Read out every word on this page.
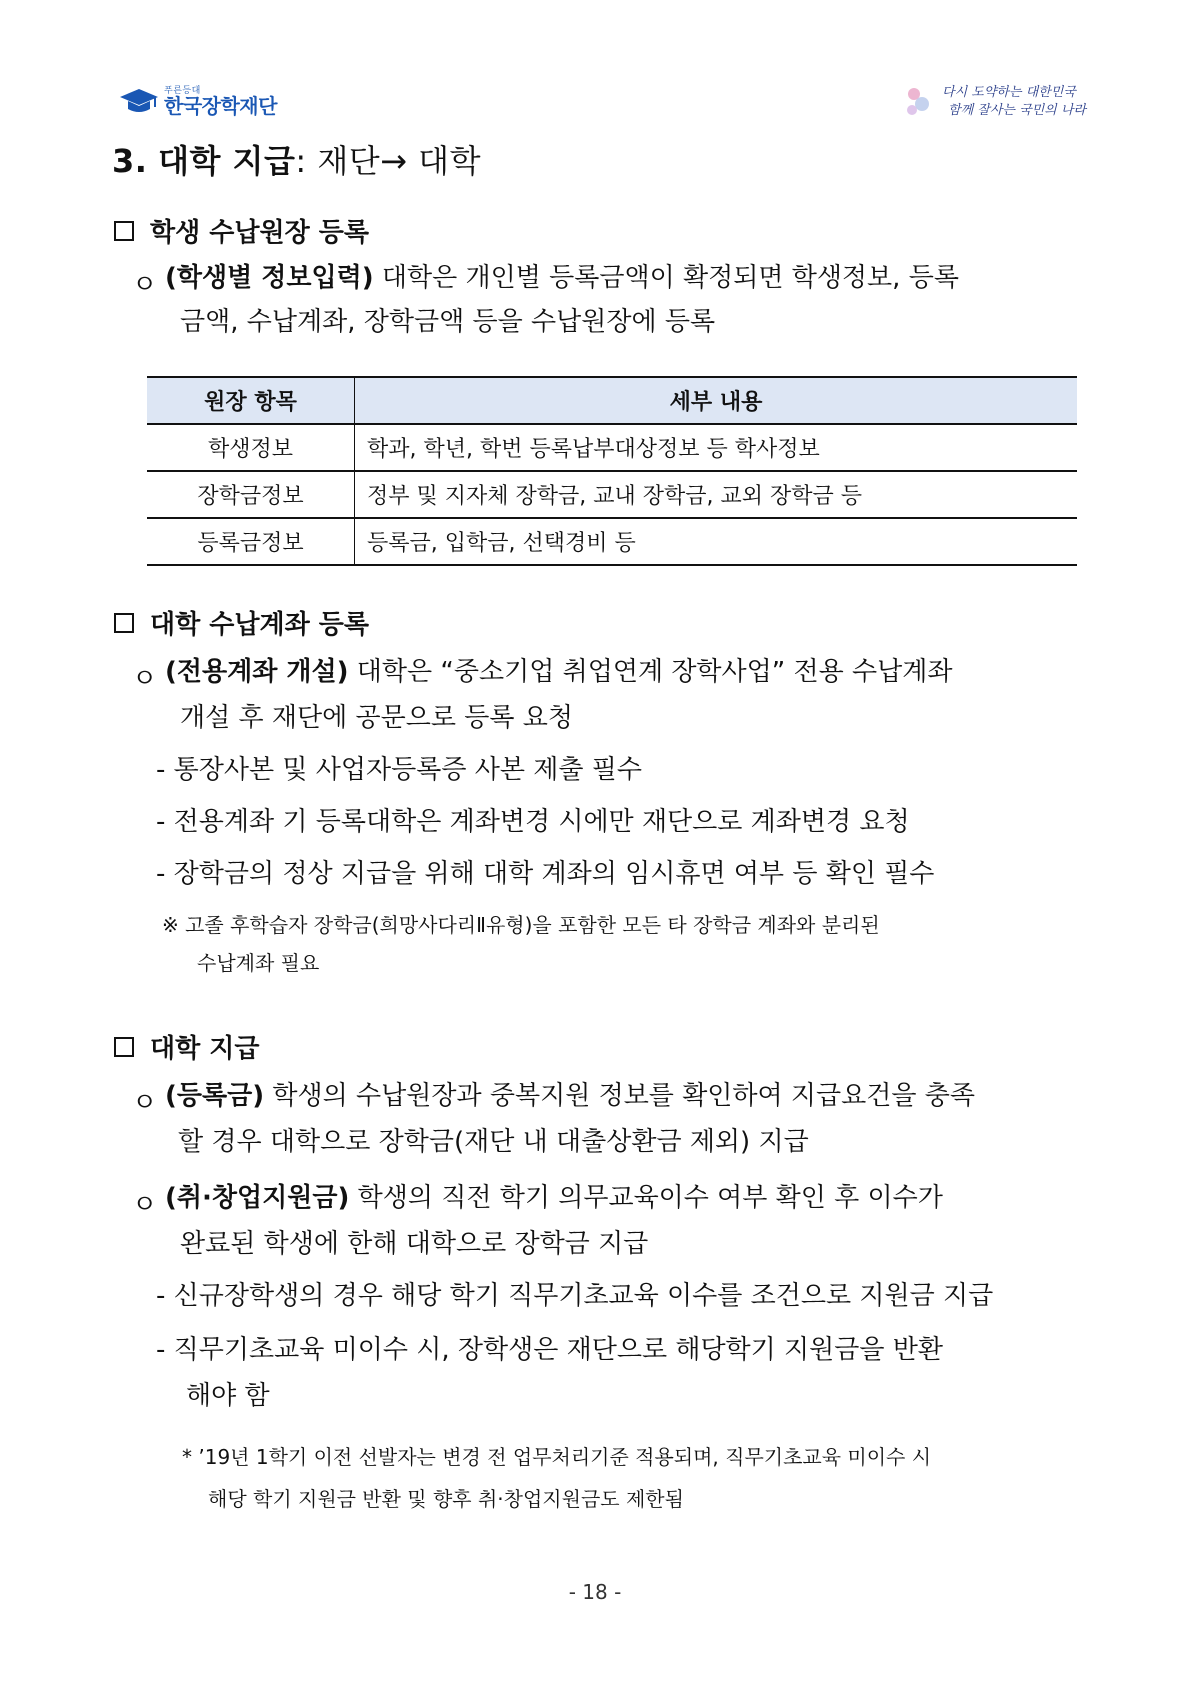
푸른등대
한국장학재단
다시 도약하는 대한민국
함께 잘사는 국민의 나라
3. 대학 지급: 재단→ 대학
학생 수납원장 등록
ㅇ (학생별 정보입력) 대학은 개인별 등록금액이 확정되면 학생정보, 등록
금액, 수납계좌, 장학금액 등을 수납원장에 등록
원장 항목	세부 내용
학생정보	학과, 학년, 학번 등록납부대상정보 등 학사정보
장학금정보	정부 및 지자체 장학금, 교내 장학금, 교외 장학금 등
등록금정보	등록금, 입학금, 선택경비 등
대학 수납계좌 등록
ㅇ (전용계좌 개설) 대학은 “중소기업 취업연계 장학사업” 전용 수납계좌
개설 후 재단에 공문으로 등록 요청
- 통장사본 및 사업자등록증 사본 제출 필수
- 전용계좌 기 등록대학은 계좌변경 시에만 재단으로 계좌변경 요청
- 장학금의 정상 지급을 위해 대학 계좌의 임시휴면 여부 등 확인 필수
※ 고졸 후학습자 장학금(희망사다리Ⅱ유형)을 포함한 모든 타 장학금 계좌와 분리된
수납계좌 필요
대학 지급
ㅇ (등록금) 학생의 수납원장과 중복지원 정보를 확인하여 지급요건을 충족
할 경우 대학으로 장학금(재단 내 대출상환금 제외) 지급
ㅇ (취·창업지원금) 학생의 직전 학기 의무교육이수 여부 확인 후 이수가
완료된 학생에 한해 대학으로 장학금 지급
- 신규장학생의 경우 해당 학기 직무기초교육 이수를 조건으로 지원금 지급
- 직무기초교육 미이수 시, 장학생은 재단으로 해당학기 지원금을 반환
해야 함
* ’19년 1학기 이전 선발자는 변경 전 업무처리기준 적용되며, 직무기초교육 미이수 시
해당 학기 지원금 반환 및 향후 취·창업지원금도 제한됨
- 18 -
